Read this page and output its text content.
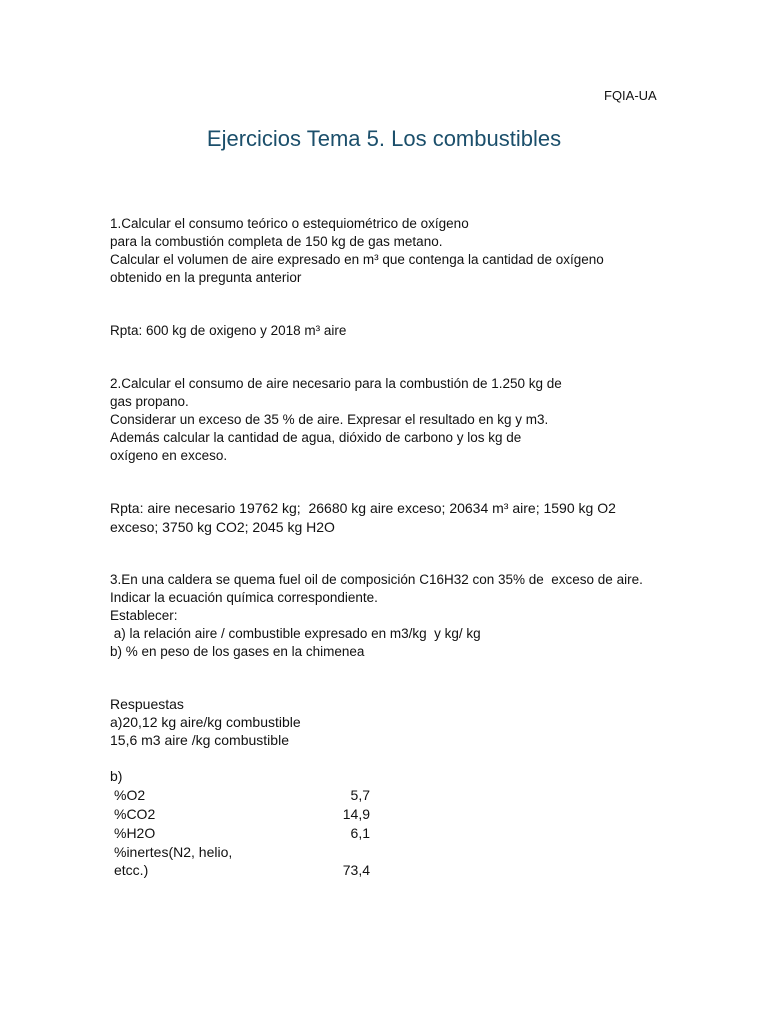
FQIA-UA
Ejercicios Tema 5. Los combustibles
1.Calcular el consumo teórico o estequiométrico de oxígeno
para la combustión completa de 150 kg de gas metano.
Calcular el volumen de aire expresado en m³ que contenga la cantidad de oxígeno
obtenido en la pregunta anterior
Rpta: 600 kg de oxigeno y 2018 m³ aire
2.Calcular el consumo de aire necesario para la combustión de 1.250 kg de
gas propano.
Considerar un exceso de 35 % de aire. Expresar el resultado en kg y m3.
Además calcular la cantidad de agua, dióxido de carbono y los kg de
oxígeno en exceso.
Rpta: aire necesario 19762 kg;  26680 kg aire exceso; 20634 m³ aire; 1590 kg O2
exceso; 3750 kg CO2; 2045 kg H2O
3.En una caldera se quema fuel oil de composición C16H32 con 35% de  exceso de aire.
Indicar la ecuación química correspondiente.
Establecer:
a) la relación aire / combustible expresado en m3/kg  y kg/ kg
b) % en peso de los gases en la chimenea
Respuestas
a)20,12 kg aire/kg combustible
15,6 m3 aire /kg combustible
b)
%O2	5,7
%CO2	14,9
%H2O	6,1
%inertes(N2, helio,
etcc.)	73,4
